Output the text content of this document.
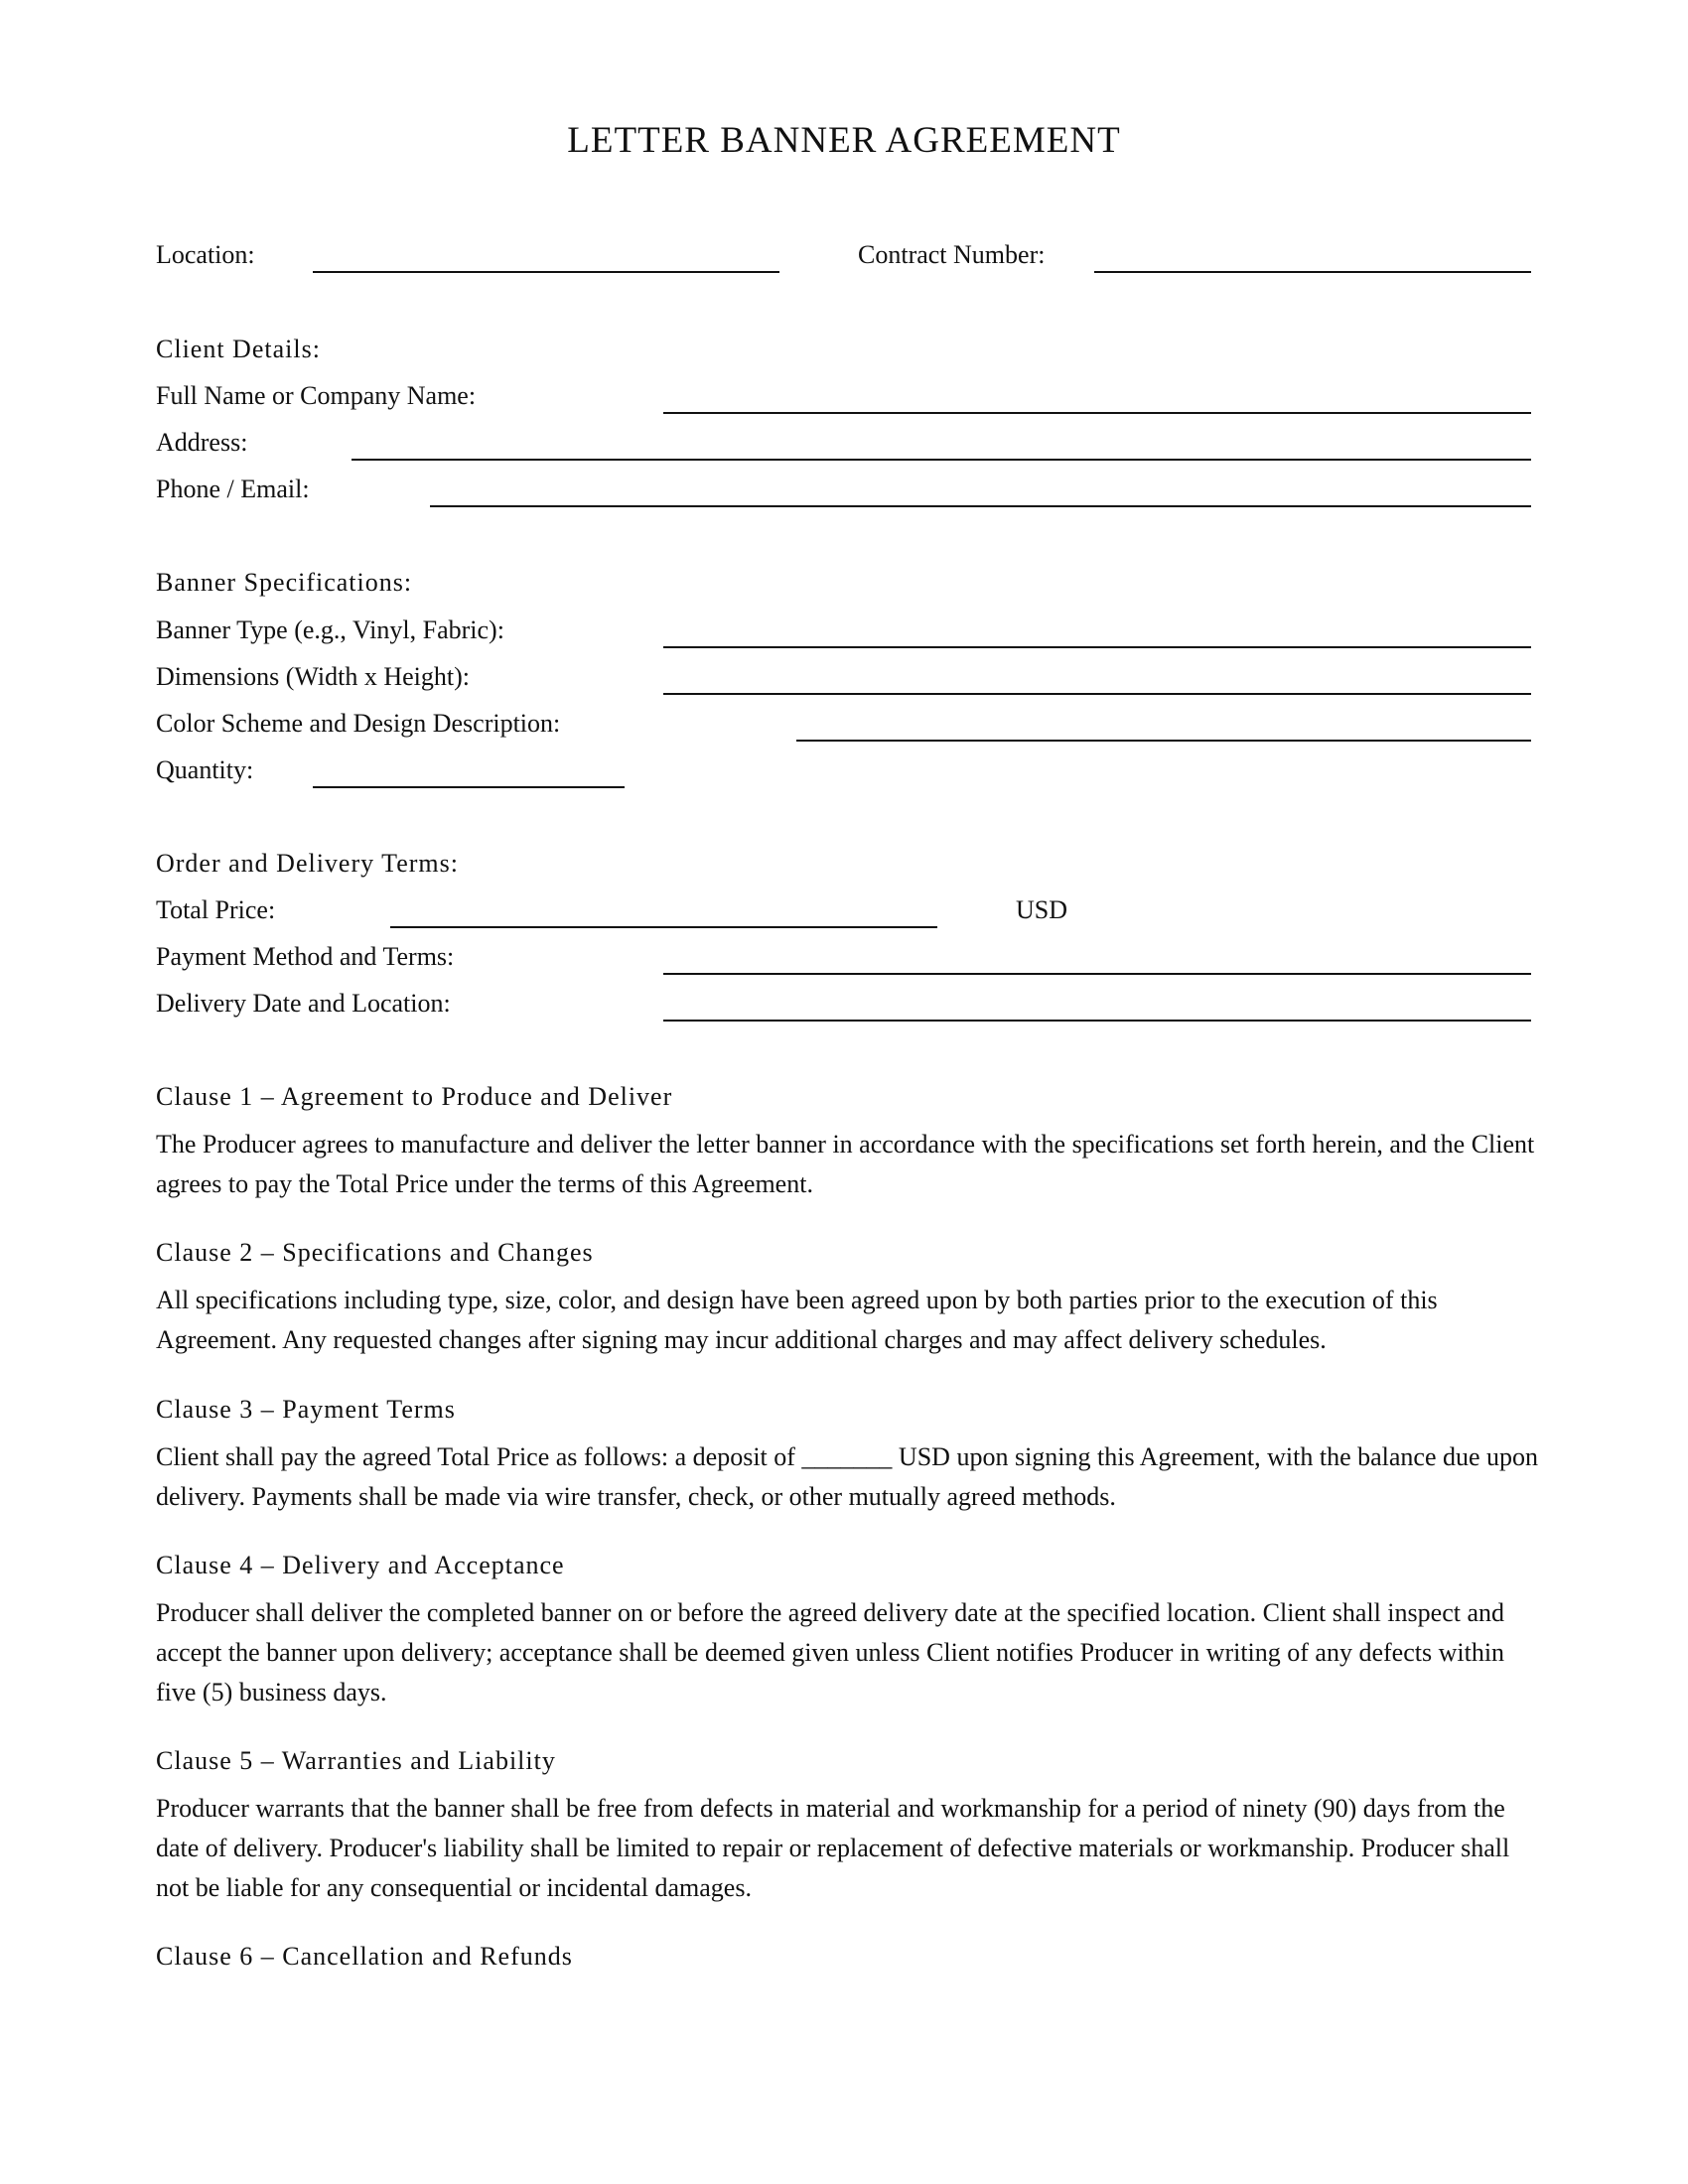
LETTER BANNER AGREEMENT
Location:	Contract Number:
Client Details:
Full Name or Company Name:
Address:
Phone / Email:
Banner Specifications:
Banner Type (e.g., Vinyl, Fabric):
Dimensions (Width x Height):
Color Scheme and Design Description:
Quantity:
Order and Delivery Terms:
Total Price:	USD
Payment Method and Terms:
Delivery Date and Location:
Clause 1 – Agreement to Produce and Deliver
The Producer agrees to manufacture and deliver the letter banner in accordance with the specifications set forth herein, and the Client agrees to pay the Total Price under the terms of this Agreement.
Clause 2 – Specifications and Changes
All specifications including type, size, color, and design have been agreed upon by both parties prior to the execution of this Agreement. Any requested changes after signing may incur additional charges and may affect delivery schedules.
Clause 3 – Payment Terms
Client shall pay the agreed Total Price as follows: a deposit of _______ USD upon signing this Agreement, with the balance due upon delivery. Payments shall be made via wire transfer, check, or other mutually agreed methods.
Clause 4 – Delivery and Acceptance
Producer shall deliver the completed banner on or before the agreed delivery date at the specified location. Client shall inspect and accept the banner upon delivery; acceptance shall be deemed given unless Client notifies Producer in writing of any defects within five (5) business days.
Clause 5 – Warranties and Liability
Producer warrants that the banner shall be free from defects in material and workmanship for a period of ninety (90) days from the date of delivery. Producer's liability shall be limited to repair or replacement of defective materials or workmanship. Producer shall not be liable for any consequential or incidental damages.
Clause 6 – Cancellation and Refunds
